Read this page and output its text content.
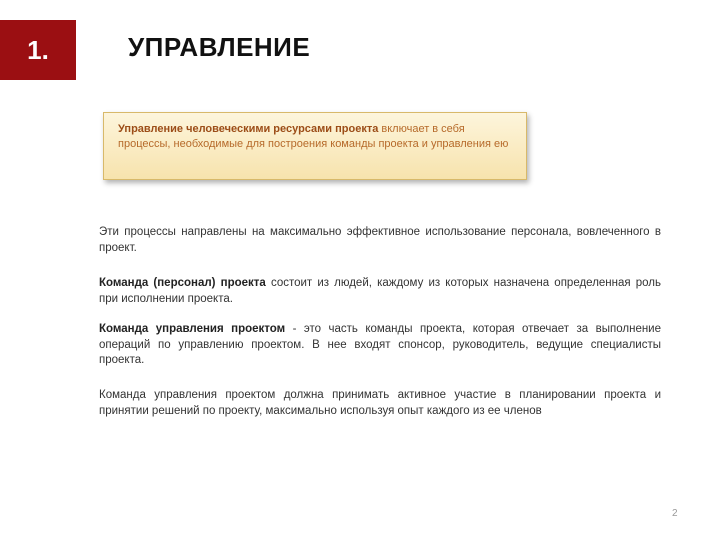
1.	УПРАВЛЕНИЕ
Управление человеческими ресурсами проекта включает в себя процессы, необходимые для построения команды проекта и управления ею
Эти процессы направлены на максимально эффективное использование персонала, вовлеченного в проект.
Команда (персонал) проекта состоит из людей, каждому из которых назначена определенная роль при исполнении проекта.
Команда управления проектом - это часть команды проекта, которая отвечает за выполнение операций по управлению проектом. В нее входят спонсор, руководитель, ведущие специалисты проекта.
Команда управления проектом должна принимать активное участие в планировании проекта и принятии решений по проекту, максимально используя опыт каждого из ее членов
2
